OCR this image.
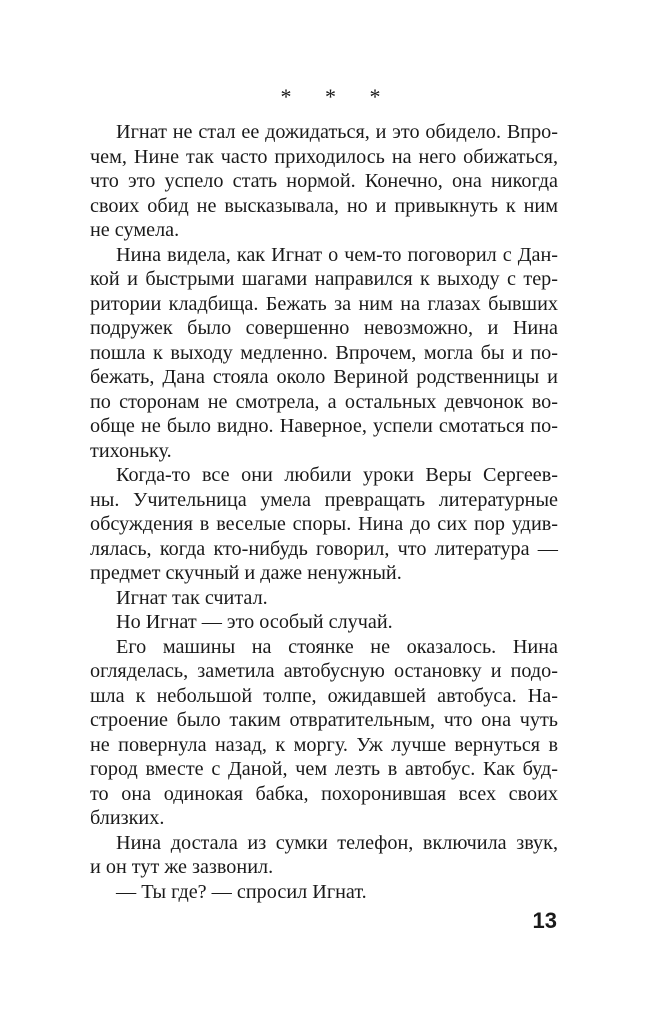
* * *
Игнат не стал ее дожидаться, и это обидело. Впро-
чем, Нине так часто приходилось на него обижаться,
что это успело стать нормой. Конечно, она никогда
своих обид не высказывала, но и привыкнуть к ним
не сумела.
Нина видела, как Игнат о чем-то поговорил с Дан-
кой и быстрыми шагами направился к выходу с тер-
ритории кладбища. Бежать за ним на глазах бывших
подружек было совершенно невозможно, и Нина
пошла к выходу медленно. Впрочем, могла бы и по-
бежать, Дана стояла около Вериной родственницы и
по сторонам не смотрела, а остальных девчонок во-
обще не было видно. Наверное, успели смотаться по-
тихоньку.
Когда-то все они любили уроки Веры Сергеев-
ны. Учительница умела превращать литературные
обсуждения в веселые споры. Нина до сих пор удив-
лялась, когда кто-нибудь говорил, что литература —
предмет скучный и даже ненужный.
Игнат так считал.
Но Игнат — это особый случай.
Его машины на стоянке не оказалось. Нина
огляделась, заметила автобусную остановку и подо-
шла к небольшой толпе, ожидавшей автобуса. На-
строение было таким отвратительным, что она чуть
не повернула назад, к моргу. Уж лучше вернуться в
город вместе с Даной, чем лезть в автобус. Как буд-
то она одинокая бабка, похоронившая всех своих
близких.
Нина достала из сумки телефон, включила звук,
и он тут же зазвонил.
— Ты где? — спросил Игнат.
13
